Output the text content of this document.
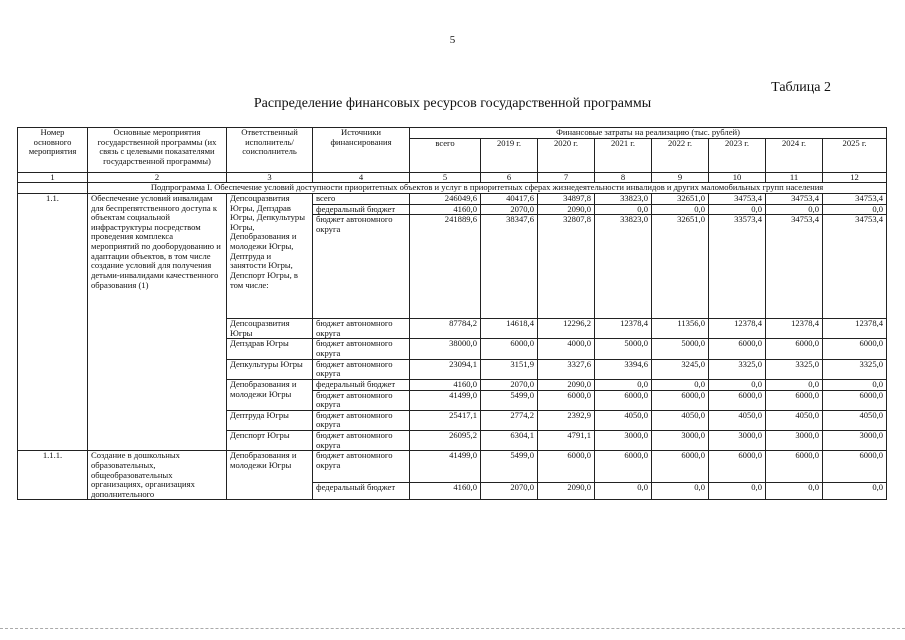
5
Таблица 2
Распределение финансовых ресурсов государственной программы
Номер основного мероприятия	Основные мероприятия государственной программы (их связь с целевыми показателями государственной программы)	Ответственный исполнитель/ соисполнитель	Источники финансирования	Финансовые затраты на реализацию (тыс. рублей)							
				всего	2019 г.	2020 г.	2021 г.	2022 г.	2023 г.	2024 г.	2025 г.
1	2	3	4	5	6	7	8	9	10	11	12
	Подпрограмма I. Обеспечение условий доступности приоритетных объектов и услуг в приоритетных сферах жизнедеятельности инвалидов и других маломобильных групп населения										
1.1.	Обеспечение условий инвалидам для беспрепятственного доступа к объектам социальной инфраструктуры посредством проведения комплекса мероприятий по дооборудованию и адаптации объектов, в том числе создание условий для получения детьми-инвалидами качественного образования (1)	Депсоцразвития Югры, Депздрав Югры, Депкультуры Югры, Депобразования и молодежи Югры, Дептруда и занятости Югры, Депспорт Югры, в том числе:	всего	246049,6	40417,6	34897,8	33823,0	32651,0	34753,4	34753,4	34753,4
			федеральный бюджет	4160,0	2070,0	2090,0	0,0	0,0	0,0	0,0	0,0
			бюджет автономного округа	241889,6	38347,6	32807,8	33823,0	32651,0	33573,4	34753,4	34753,4
		Депсоцразвития Югры	бюджет автономного округа	87784,2	14618,4	12296,2	12378,4	11356,0	12378,4	12378,4	12378,4
		Депздрав Югры	бюджет автономного округа	38000,0	6000,0	4000,0	5000,0	5000,0	6000,0	6000,0	6000,0
		Депкультуры Югры	бюджет автономного округа	23094,1	3151,9	3327,6	3394,6	3245,0	3325,0	3325,0	3325,0
		Депобразования и молодежи Югры	федеральный бюджет	4160,0	2070,0	2090,0	0,0	0,0	0,0	0,0	0,0
			бюджет автономного округа	41499,0	5499,0	6000,0	6000,0	6000,0	6000,0	6000,0	6000,0
		Дептруда Югры	бюджет автономного округа	25417,1	2774,2	2392,9	4050,0	4050,0	4050,0	4050,0	4050,0
		Депспорт Югры	бюджет автономного округа	26095,2	6304,1	4791,1	3000,0	3000,0	3000,0	3000,0	3000,0
1.1.1.	Создание в дошкольных образовательных, общеобразовательных организациях, организациях дополнительного	Депобразования и молодежи Югры	бюджет автономного округа	41499,0	5499,0	6000,0	6000,0	6000,0	6000,0	6000,0	6000,0
			федеральный бюджет	4160,0	2070,0	2090,0	0,0	0,0	0,0	0,0	0,0
